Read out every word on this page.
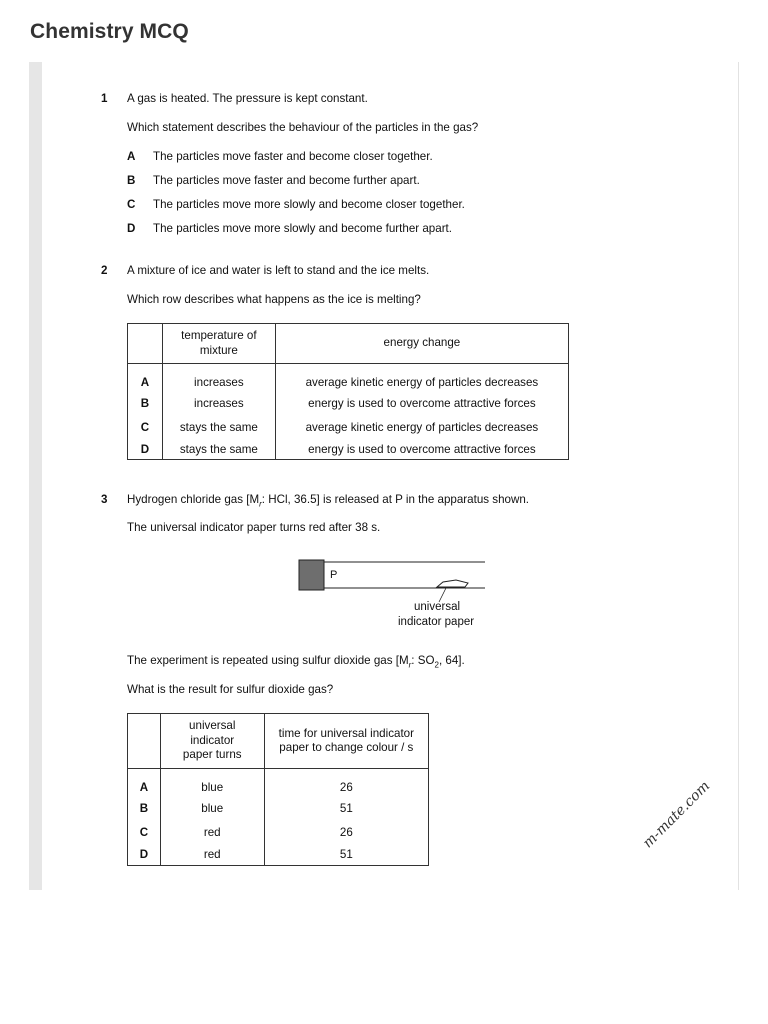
Chemistry MCQ
1 A gas is heated. The pressure is kept constant.
Which statement describes the behaviour of the particles in the gas?
A The particles move faster and become closer together.
B The particles move faster and become further apart.
C The particles move more slowly and become closer together.
D The particles move more slowly and become further apart.
2 A mixture of ice and water is left to stand and the ice melts.
Which row describes what happens as the ice is melting?
	temperature of mixture	energy change
A	increases	average kinetic energy of particles decreases
B	increases	energy is used to overcome attractive forces
C	stays the same	average kinetic energy of particles decreases
D	stays the same	energy is used to overcome attractive forces
3 Hydrogen chloride gas [$M_r$: HCl, 36.5] is released at P in the apparatus shown.
The universal indicator paper turns red after 38 s.
P
universal
indicator paper
The experiment is repeated using sulfur dioxide gas [$M_r$: $SO_2$, 64].
What is the result for sulfur dioxide gas?
	universal indicator paper turns	time for universal indicator paper to change colour / s
A	blue	26
B	blue	51
C	red	26
D	red	51
m-mate.com
